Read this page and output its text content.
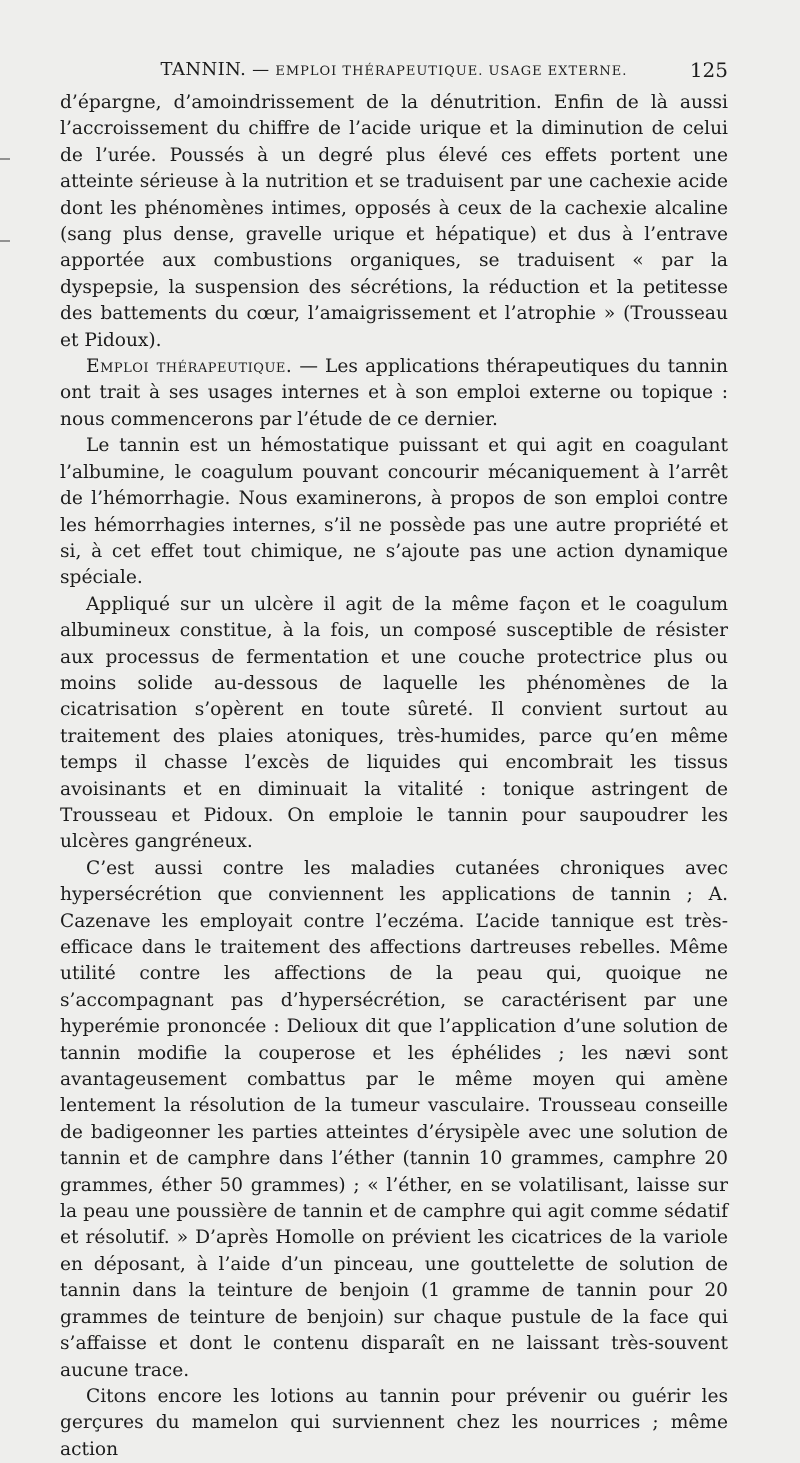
TANNIN. — EMPLOI THÉRAPEUTIQUE. USAGE EXTERNE.	125

d’épargne, d’amoindrissement de la dénutrition. Enfin de là aussi l’accroissement du chiffre de l’acide urique et la diminution de celui de l’urée. Poussés à un degré plus élevé ces effets portent une atteinte sérieuse à la nutrition et se traduisent par une cachexie acide dont les phénomènes intimes, opposés à ceux de la cachexie alcaline (sang plus dense, gravelle urique et hépatique) et dus à l’entrave apportée aux combustions organiques, se traduisent « par la dyspepsie, la suspension des sécrétions, la réduction et la petitesse des battements du cœur, l’amaigrissement et l’atrophie » (Trousseau et Pidoux).

Emploi thérapeutique. — Les applications thérapeutiques du tannin ont trait à ses usages internes et à son emploi externe ou topique : nous commencerons par l’étude de ce dernier.

Le tannin est un hémostatique puissant et qui agit en coagulant l’albumine, le coagulum pouvant concourir mécaniquement à l’arrêt de l’hémorrhagie. Nous examinerons, à propos de son emploi contre les hémorrhagies internes, s’il ne possède pas une autre propriété et si, à cet effet tout chimique, ne s’ajoute pas une action dynamique spéciale.

Appliqué sur un ulcère il agit de la même façon et le coagulum albumineux constitue, à la fois, un composé susceptible de résister aux processus de fermentation et une couche protectrice plus ou moins solide au-dessous de laquelle les phénomènes de la cicatrisation s’opèrent en toute sûreté. Il convient surtout au traitement des plaies atoniques, très-humides, parce qu’en même temps il chasse l’excès de liquides qui encombrait les tissus avoisinants et en diminuait la vitalité : tonique astringent de Trousseau et Pidoux. On emploie le tannin pour saupoudrer les ulcères gangréneux.

C’est aussi contre les maladies cutanées chroniques avec hypersécrétion que conviennent les applications de tannin ; A. Cazenave les employait contre l’eczéma. L’acide tannique est très-efficace dans le traitement des affections dartreuses rebelles. Même utilité contre les affections de la peau qui, quoique ne s’accompagnant pas d’hypersécrétion, se caractérisent par une hyperémie prononcée : Delioux dit que l’application d’une solution de tannin modifie la couperose et les éphélides ; les nævi sont avantageusement combattus par le même moyen qui amène lentement la résolution de la tumeur vasculaire. Trousseau conseille de badigeonner les parties atteintes d’érysipèle avec une solution de tannin et de camphre dans l’éther (tannin 10 grammes, camphre 20 grammes, éther 50 grammes) ; « l’éther, en se volatilisant, laisse sur la peau une poussière de tannin et de camphre qui agit comme sédatif et résolutif. » D’après Homolle on prévient les cicatrices de la variole en déposant, à l’aide d’un pinceau, une gouttelette de solution de tannin dans la teinture de benjoin (1 gramme de tannin pour 20 grammes de teinture de benjoin) sur chaque pustule de la face qui s’affaisse et dont le contenu disparaît en ne laissant très-souvent aucune trace.

Citons encore les lotions au tannin pour prévenir ou guérir les gerçures du mamelon qui surviennent chez les nourrices ; même action
